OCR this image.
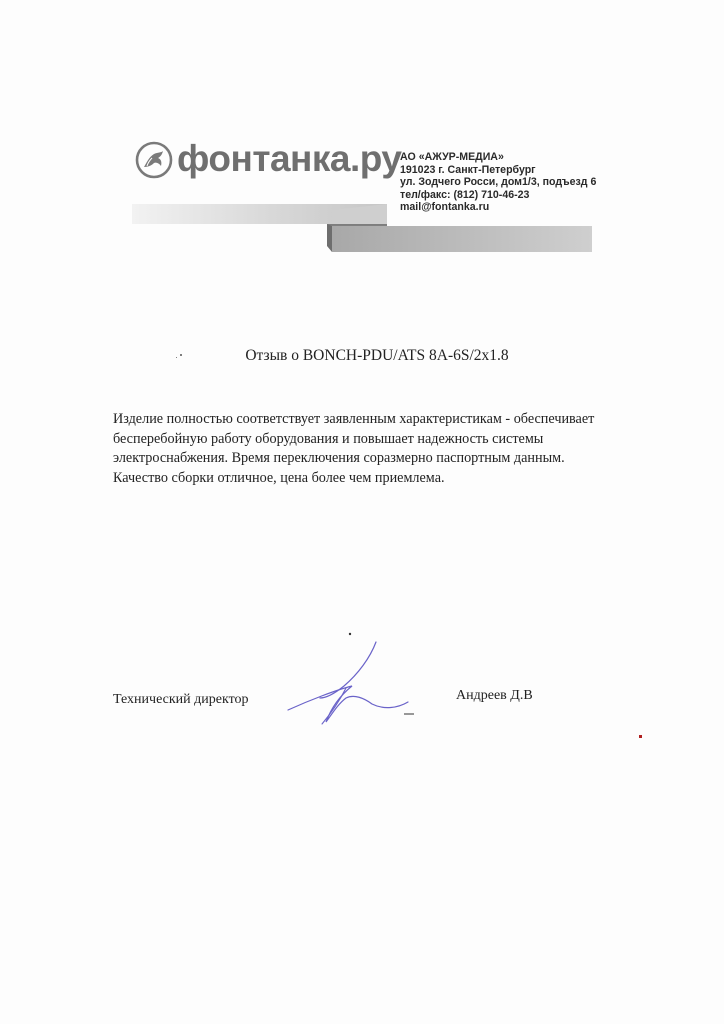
фонтанка.ру
АО «АЖУР-МЕДИА»
191023 г. Санкт-Петербург
ул. Зодчего Росси, дом1/3, подъезд 6
тел/факс: (812) 710-46-23
mail@fontanka.ru
Отзыв о BONCH-PDU/ATS 8A-6S/2x1.8
Изделие полностью соответствует заявленным характеристикам - обеспечивает
бесперебойную работу оборудования и повышает надежность системы
электроснабжения. Время переключения соразмерно паспортным данным.
Качество сборки отличное, цена более чем приемлема.
Технический директор	Андреев Д.В
